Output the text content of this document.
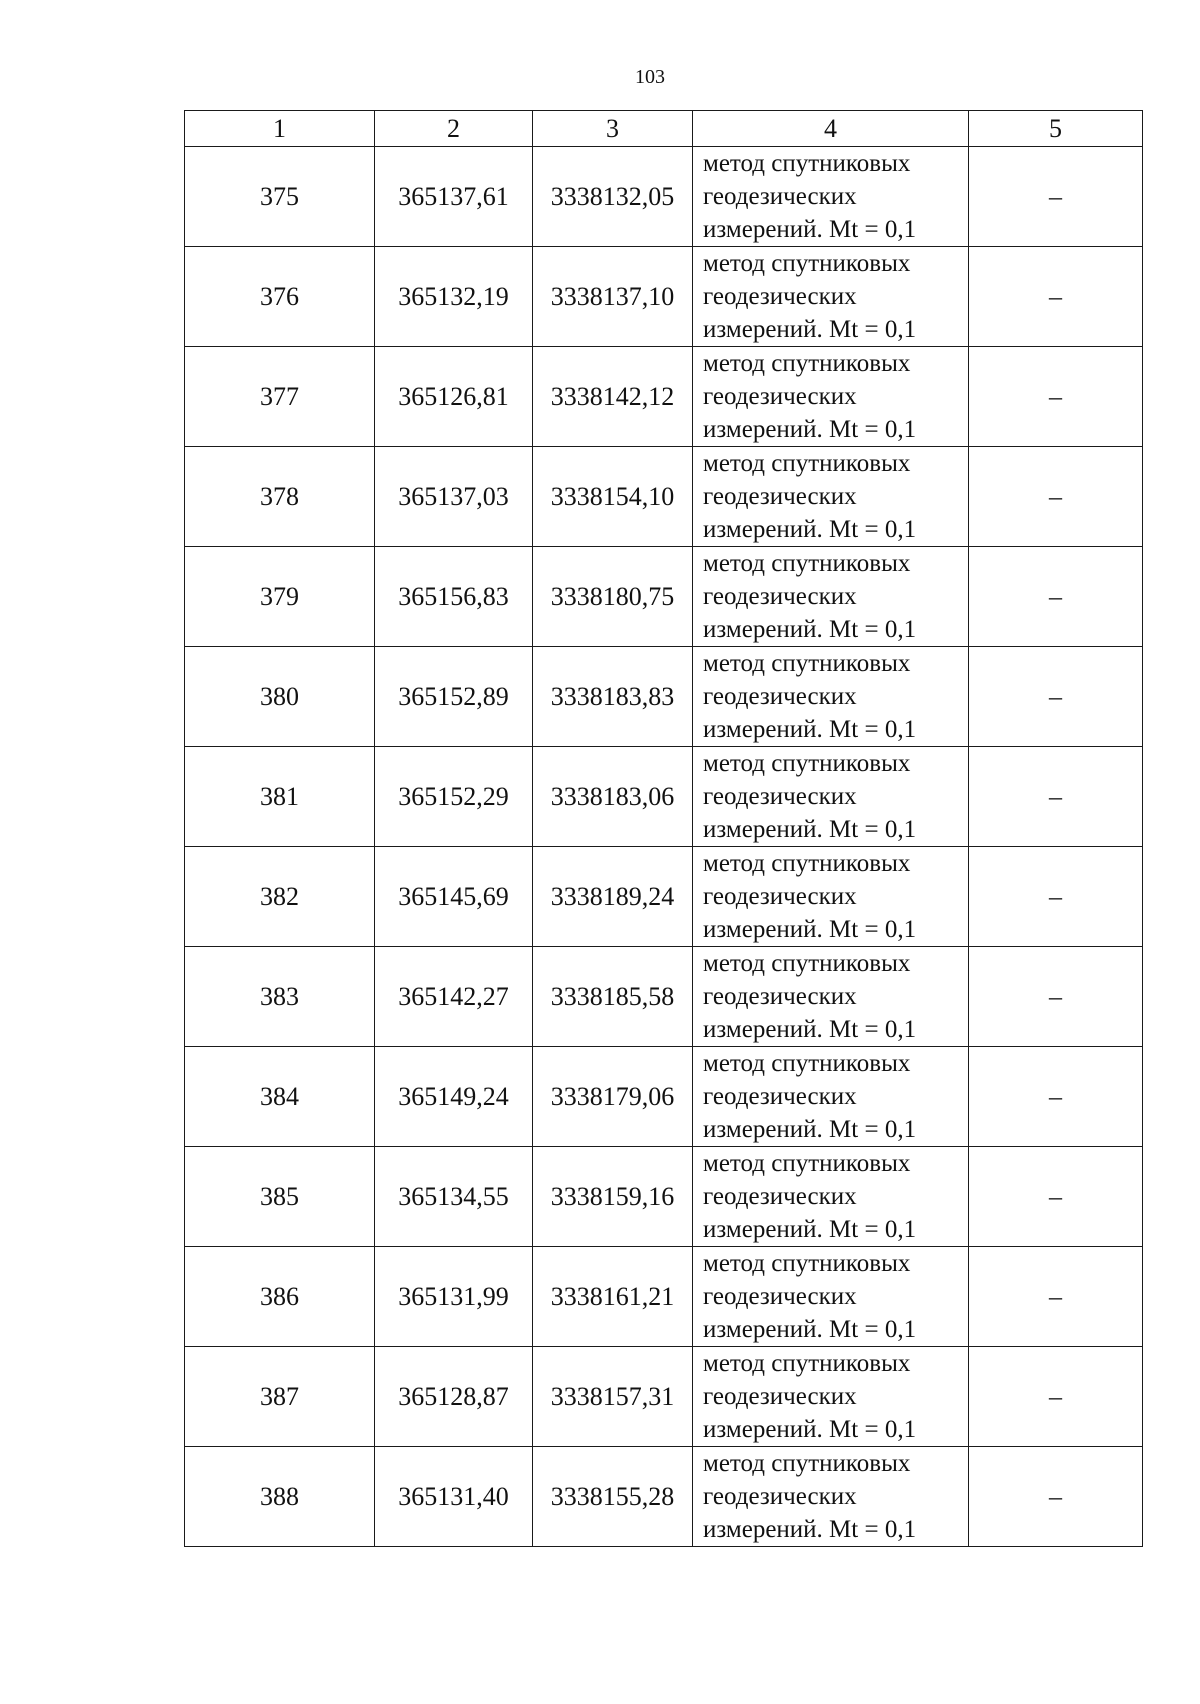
103
1	2	3	4	5
375	365137,61	3338132,05	метод спутниковых
геодезических
измерений. Mt = 0,1	–
376	365132,19	3338137,10	метод спутниковых
геодезических
измерений. Mt = 0,1	–
377	365126,81	3338142,12	метод спутниковых
геодезических
измерений. Mt = 0,1	–
378	365137,03	3338154,10	метод спутниковых
геодезических
измерений. Mt = 0,1	–
379	365156,83	3338180,75	метод спутниковых
геодезических
измерений. Mt = 0,1	–
380	365152,89	3338183,83	метод спутниковых
геодезических
измерений. Mt = 0,1	–
381	365152,29	3338183,06	метод спутниковых
геодезических
измерений. Mt = 0,1	–
382	365145,69	3338189,24	метод спутниковых
геодезических
измерений. Mt = 0,1	–
383	365142,27	3338185,58	метод спутниковых
геодезических
измерений. Mt = 0,1	–
384	365149,24	3338179,06	метод спутниковых
геодезических
измерений. Mt = 0,1	–
385	365134,55	3338159,16	метод спутниковых
геодезических
измерений. Mt = 0,1	–
386	365131,99	3338161,21	метод спутниковых
геодезических
измерений. Mt = 0,1	–
387	365128,87	3338157,31	метод спутниковых
геодезических
измерений. Mt = 0,1	–
388	365131,40	3338155,28	метод спутниковых
геодезических
измерений. Mt = 0,1	–
